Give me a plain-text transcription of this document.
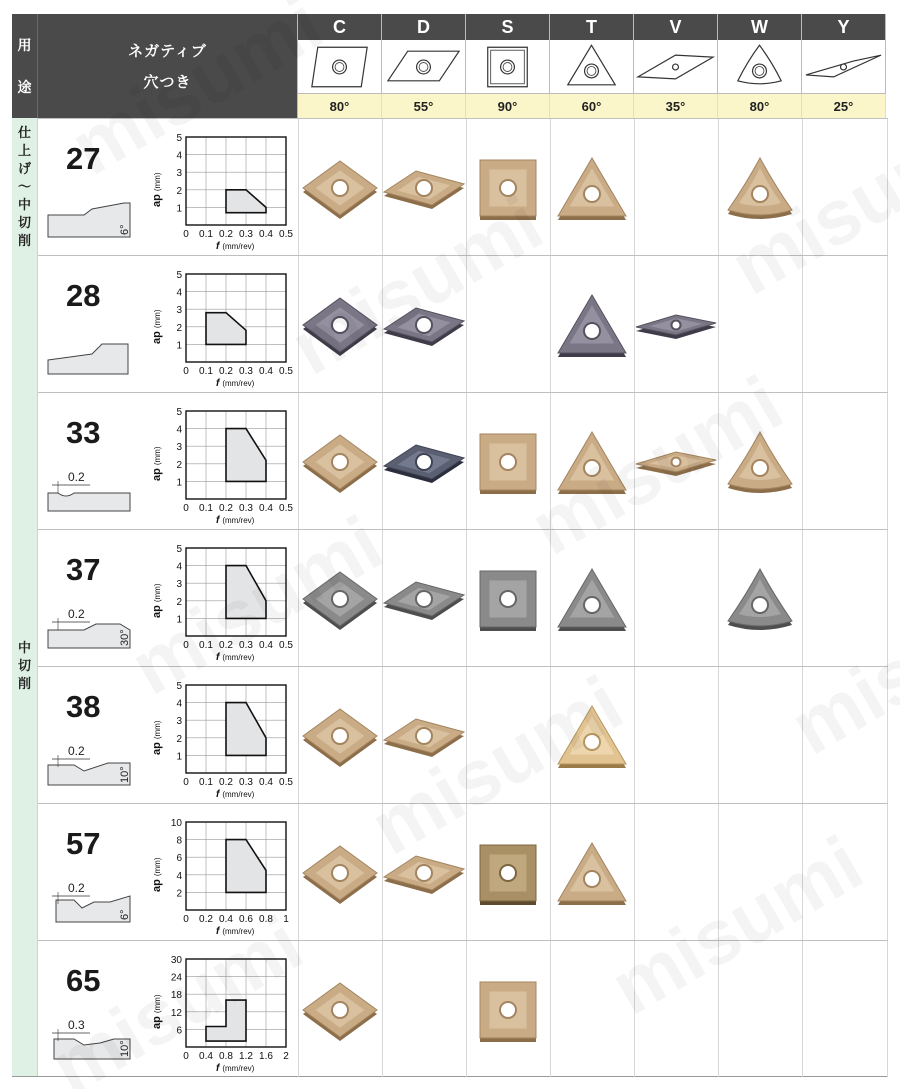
用
途
ネガティブ
穴つき
仕
上
げ
〜
中
切
削
中
切
削
C
80°
D
55°
S
90°
T
60°
V
35°
W
80°
Y
25°
27
6°	0 0.1 0.2 0.3 0.4 0.5
1
2
3
4
5
f (mm/rev)
ap(mm)
28
0 0.1 0.2 0.3 0.4 0.5
1
2
3
4
5
f (mm/rev)
ap(mm)
33
0.2
0 0.1 0.2 0.3 0.4 0.5
1
2
3
4
5
f (mm/rev)
ap(mm)
37
0.2
30°	0 0.1 0.2 0.3 0.4 0.5
1
2
3
4
5
f (mm/rev)
ap(mm)
38
0.2
10°	0 0.1 0.2 0.3 0.4 0.5
1
2
3
4
5
f (mm/rev)
ap(mm)
57
0.2
6°	0 0.2 0.4 0.6 0.8 1
2
4
6
8
10
f (mm/rev)
ap(mm)
65
0.3
10°	0 0.4 0.8 1.2 1.6 2
6
12
18
24
30
f (mm/rev)
ap(mm)
